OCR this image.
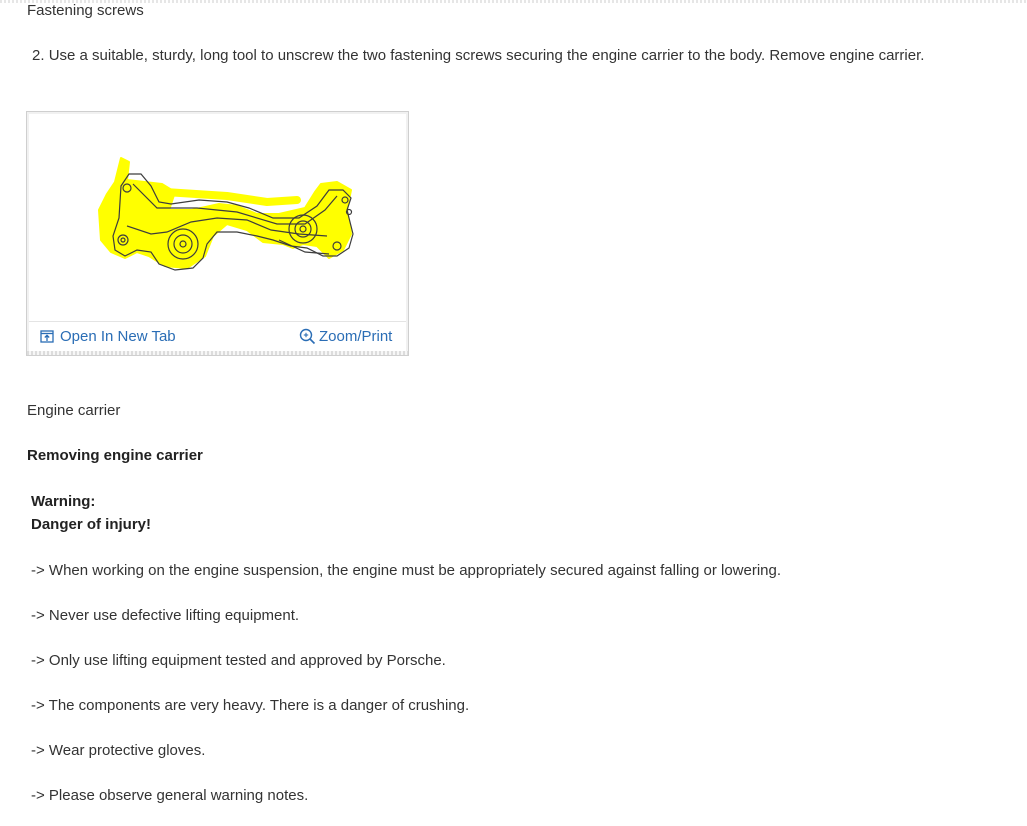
Fastening screws
2. Use a suitable, sturdy, long tool to unscrew the two fastening screws securing the engine carrier to the body. Remove engine carrier.
Open In New Tab	Zoom/Print
Engine carrier
Removing engine carrier
Warning:
Danger of injury!
-> When working on the engine suspension, the engine must be appropriately secured against falling or lowering.
-> Never use defective lifting equipment.
-> Only use lifting equipment tested and approved by Porsche.
-> The components are very heavy. There is a danger of crushing.
-> Wear protective gloves.
-> Please observe general warning notes.
